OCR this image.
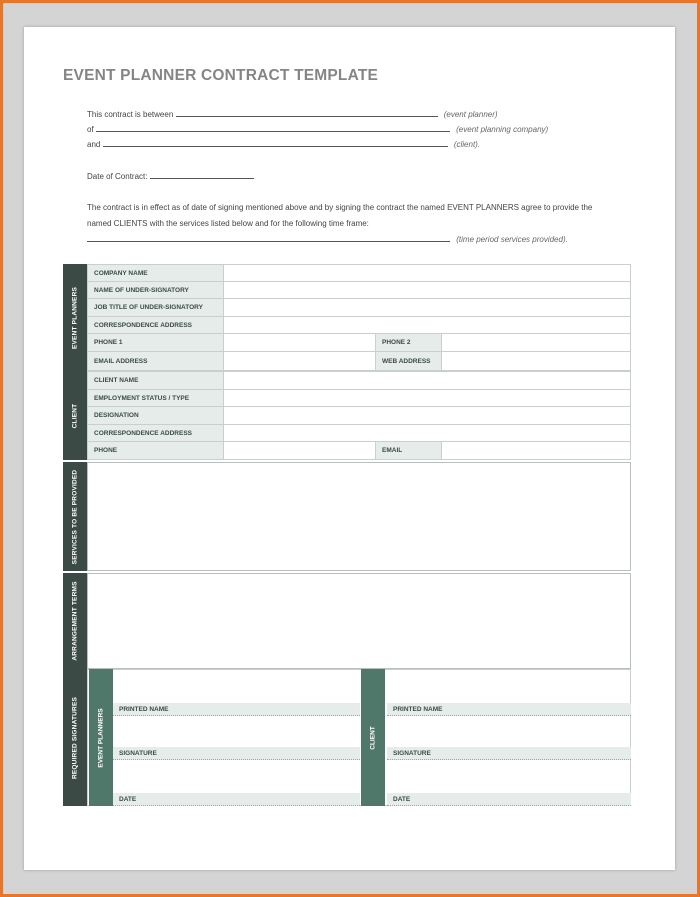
EVENT PLANNER CONTRACT TEMPLATE
This contract is between	(event planner)
of	(event planning company)
and	(client).
Date of Contract:
The contract is in effect as of date of signing mentioned above and by signing the contract the named EVENT PLANNERS agree to provide the named CLIENTS with the services listed below and for the following time frame:
(time period services provided).
EVENT PLANNERS
COMPANY NAME
NAME OF UNDER-SIGNATORY
JOB TITLE OF UNDER-SIGNATORY
CORRESPONDENCE ADDRESS
PHONE 1	PHONE 2
EMAIL ADDRESS	WEB ADDRESS
CLIENT
CLIENT NAME
EMPLOYMENT STATUS / TYPE
DESIGNATION
CORRESPONDENCE ADDRESS
PHONE	EMAIL
SERVICES TO BE PROVIDED
ARRANGEMENT TERMS
REQUIRED SIGNATURES	EVENT PLANNERS	PRINTED NAME
SIGNATURE
DATE
CLIENT
PRINTED NAME
SIGNATURE
DATE
